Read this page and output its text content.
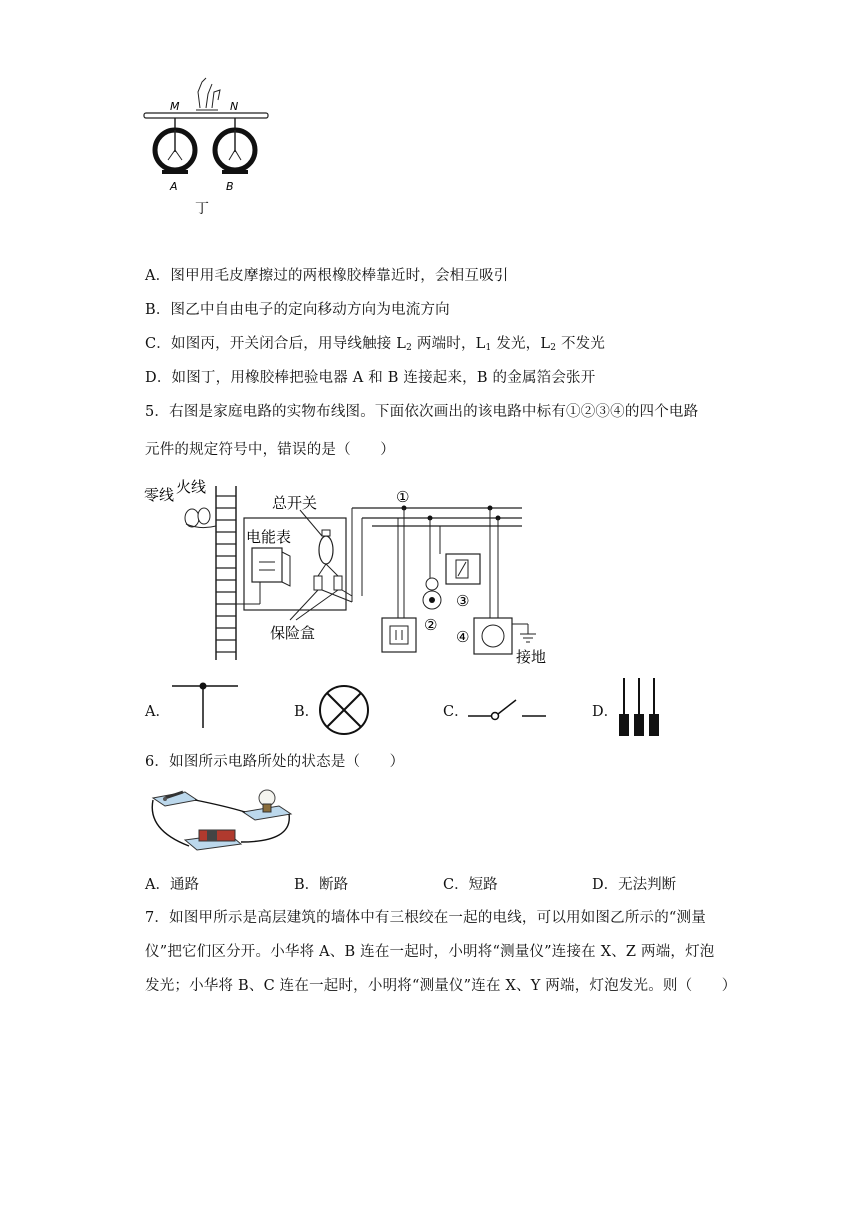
M	N
A	B
丁
A．图甲用毛皮摩擦过的两根橡胶棒靠近时，会相互吸引
B．图乙中自由电子的定向移动方向为电流方向
C．如图丙，开关闭合后，用导线触接 $L_2$ 两端时，$L_1$ 发光，$L_2$ 不发光
D．如图丁，用橡胶棒把验电器 A 和 B 连接起来，B 的金属箔会张开
5．右图是家庭电路的实物布线图。下面依次画出的该电路中标有①②③④的四个电路
元件的规定符号中，错误的是（　　）
零线 火线
总开关
电能表
保险盒
①
②
③
④
接地
A．	B．	C．	D．
6．如图所示电路所处的状态是（　　）
A．通路	B．断路	C．短路	D．无法判断
7．如图甲所示是高层建筑的墙体中有三根绞在一起的电线，可以用如图乙所示的“测量
仪”把它们区分开。小华将 A、B 连在一起时，小明将“测量仪”连接在 X、Z 两端，灯泡
发光；小华将 B、C 连在一起时，小明将“测量仪”连在 X、Y 两端，灯泡发光。则（　　）
